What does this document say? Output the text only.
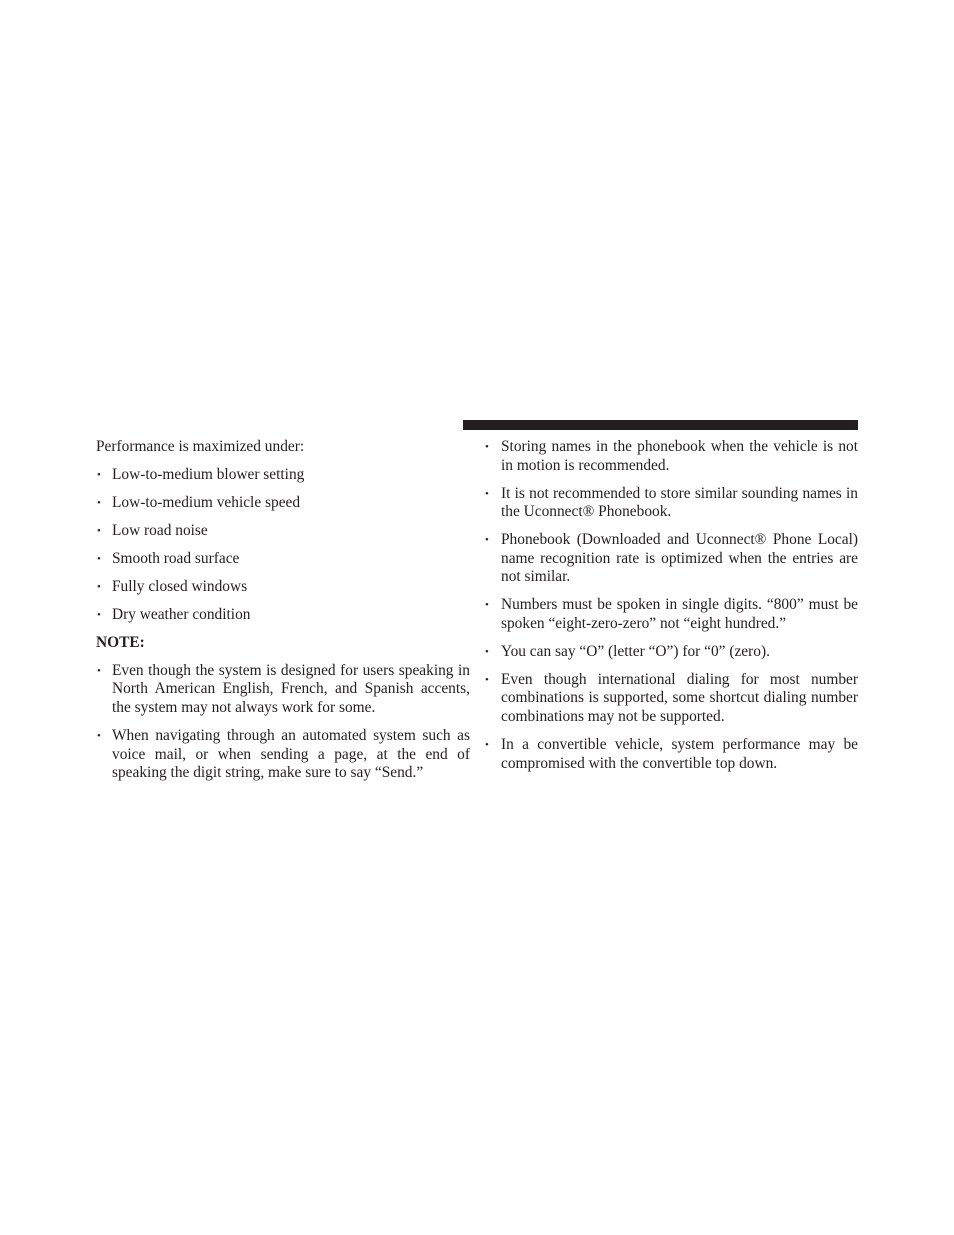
Performance is maximized under:

• Low-to-medium blower setting
• Low-to-medium vehicle speed
• Low road noise
• Smooth road surface
• Fully closed windows
• Dry weather condition

NOTE:

• Even though the system is designed for users speaking in North American English, French, and Spanish accents, the system may not always work for some.
• When navigating through an automated system such as voice mail, or when sending a page, at the end of speaking the digit string, make sure to say “Send.”
• Storing names in the phonebook when the vehicle is not in motion is recommended.
• It is not recommended to store similar sounding names in the Uconnect® Phonebook.
• Phonebook (Downloaded and Uconnect® Phone Local) name recognition rate is optimized when the entries are not similar.
• Numbers must be spoken in single digits. “800” must be spoken “eight-zero-zero” not “eight hundred.”
• You can say “O” (letter “O”) for “0” (zero).
• Even though international dialing for most number combinations is supported, some shortcut dialing number combinations may not be supported.
• In a convertible vehicle, system performance may be compromised with the convertible top down.
